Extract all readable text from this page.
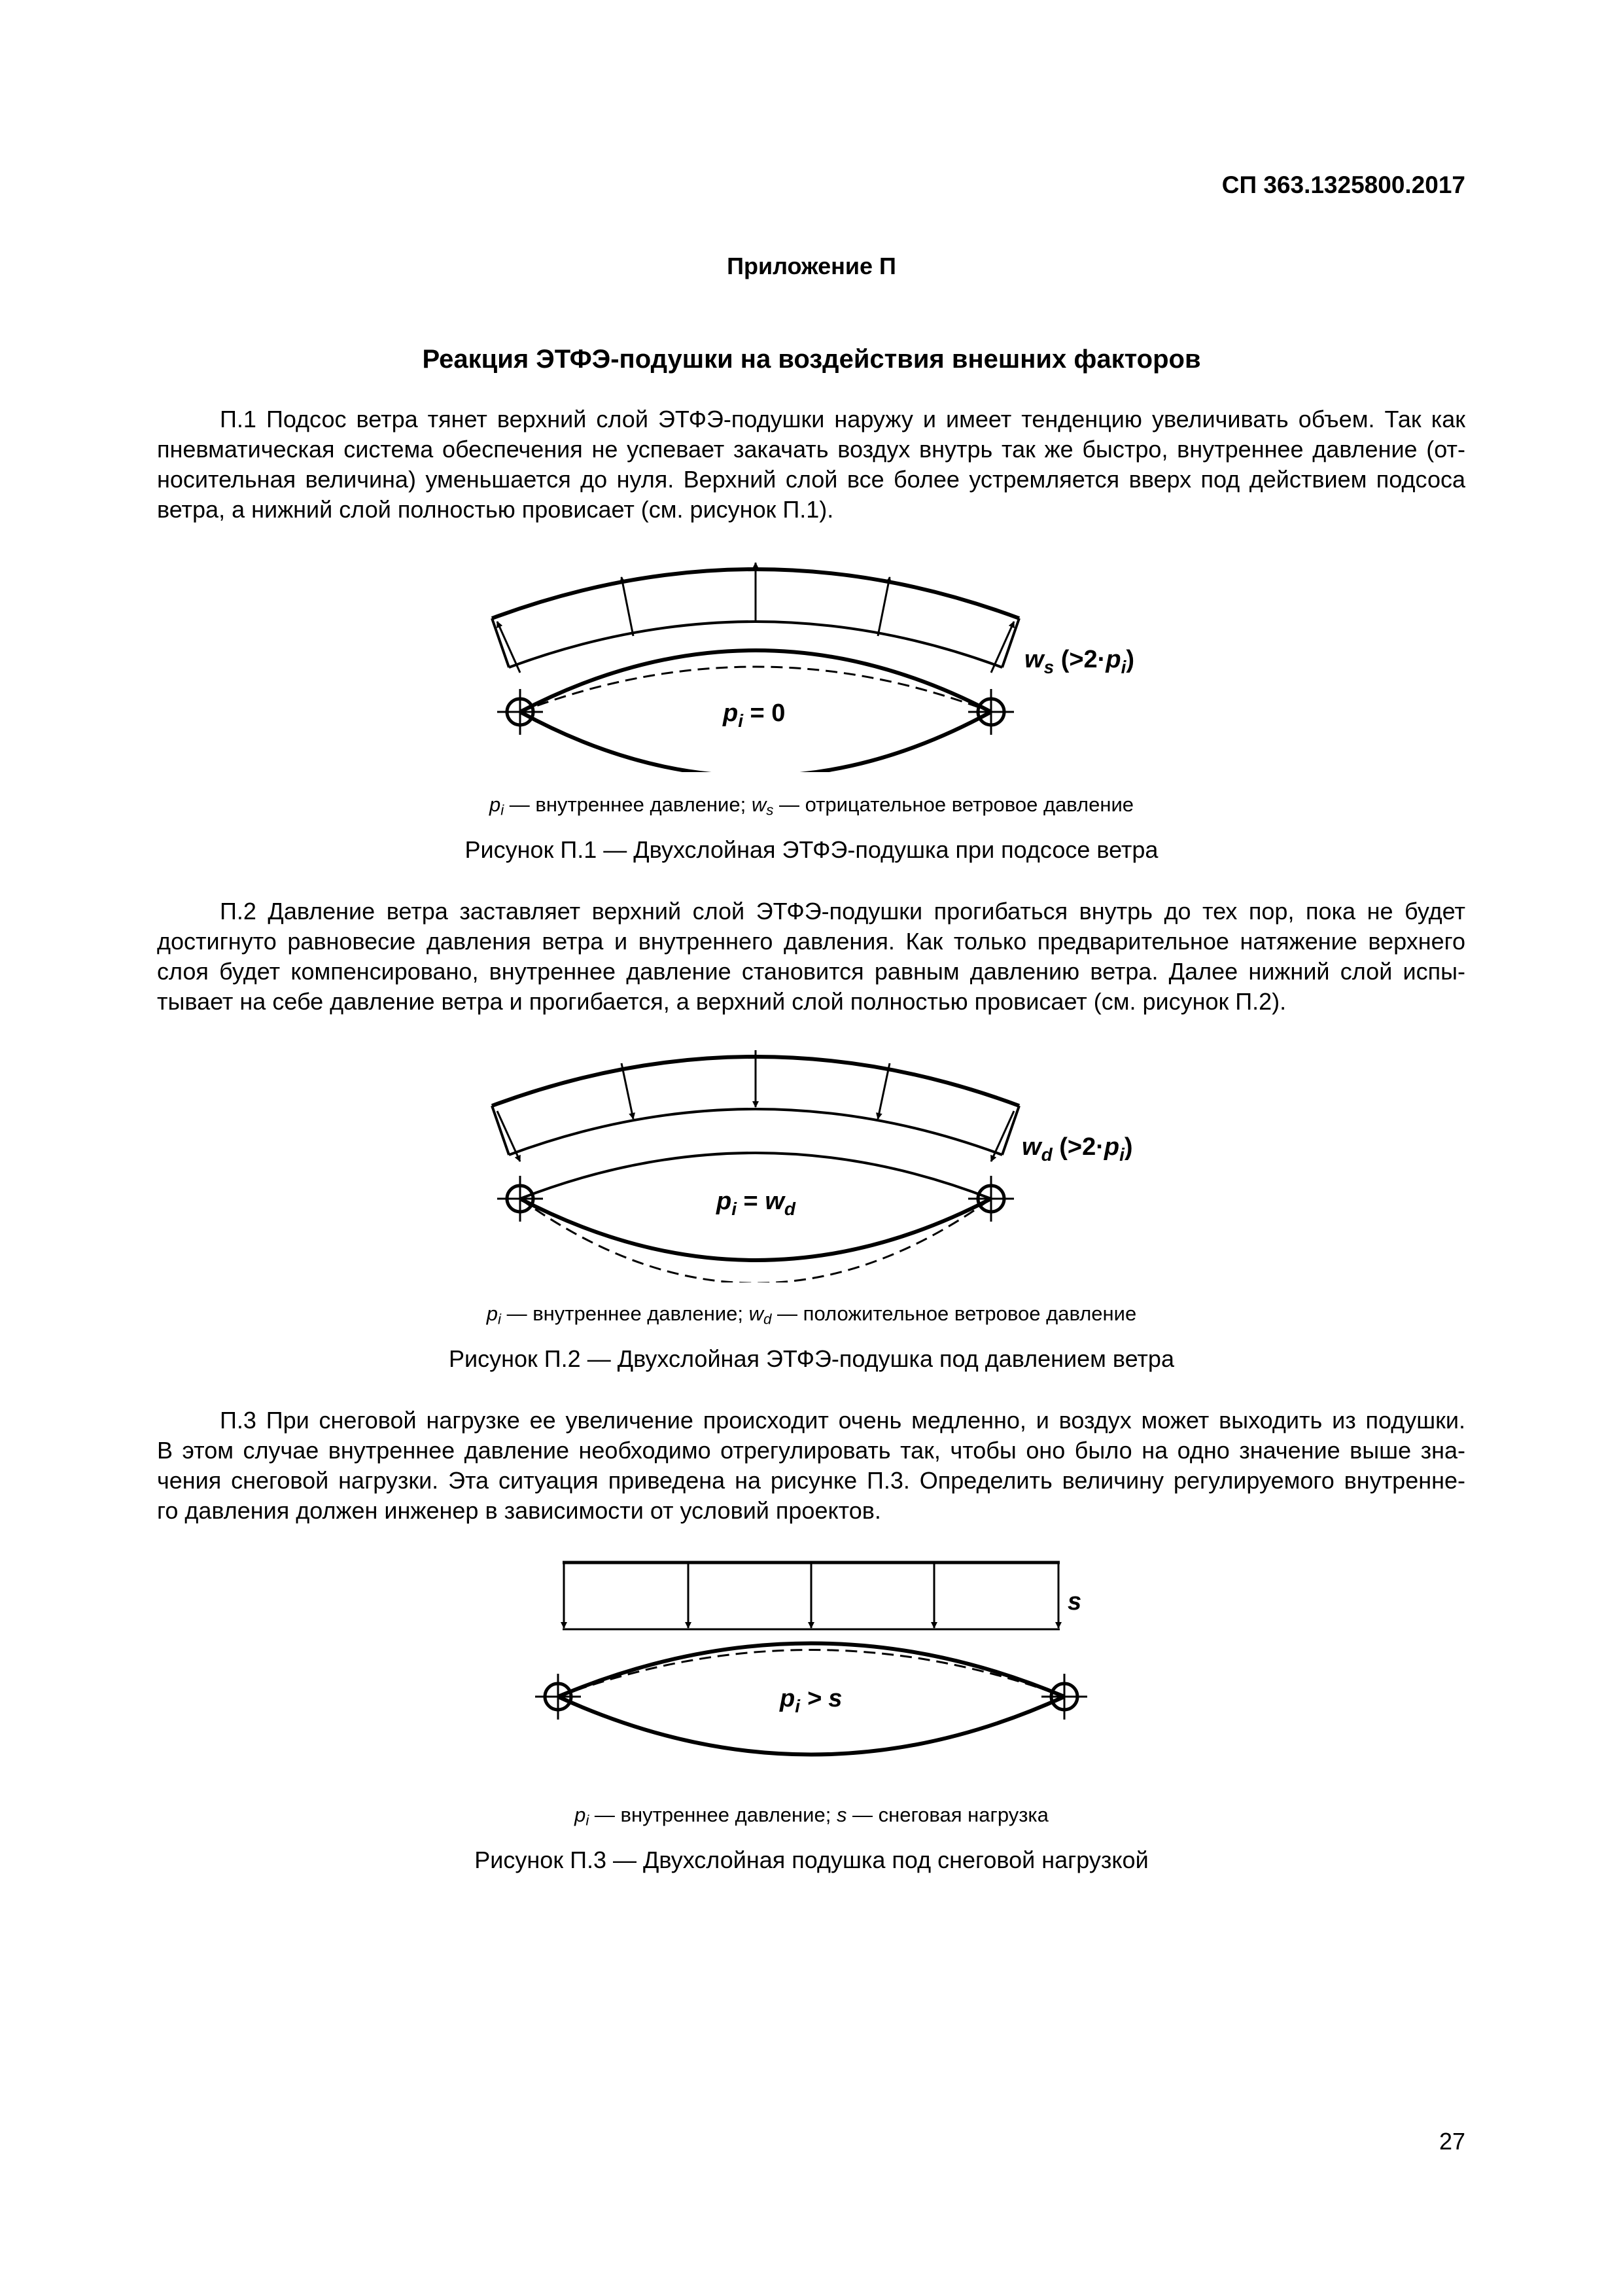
СП 363.1325800.2017
Приложение П
Реакция ЭТФЭ-подушки на воздействия внешних факторов
П.1 Подсос ветра тянет верхний слой ЭТФЭ-подушки наружу и имеет тенденцию увеличивать объем. Так как
пневматическая система обеспечения не успевает закачать воздух внутрь так же быстро, внутреннее давление (от-
носительная величина) уменьшается до нуля. Верхний слой все более устремляется вверх под действием подсоса
ветра, а нижний слой полностью провисает (см. рисунок П.1).
$w_s$ $(>2\cdot p_i)$
$p_i = 0$
$p_i$ — внутреннее давление; $w_s$ — отрицательное ветровое давление
Рисунок П.1 — Двухслойная ЭТФЭ-подушка при подсосе ветра
П.2 Давление ветра заставляет верхний слой ЭТФЭ-подушки прогибаться внутрь до тех пор, пока не будет
достигнуто равновесие давления ветра и внутреннего давления. Как только предварительное натяжение верхнего
слоя будет компенсировано, внутреннее давление становится равным давлению ветра. Далее нижний слой испы-
тывает на себе давление ветра и прогибается, а верхний слой полностью провисает (см. рисунок П.2).
$w_d$ $(>2\cdot p_i)$
$p_i = w_d$
$p_i$ — внутреннее давление; $w_d$ — положительное ветровое давление
Рисунок П.2 — Двухслойная ЭТФЭ-подушка под давлением ветра
П.3 При снеговой нагрузке ее увеличение происходит очень медленно, и воздух может выходить из подушки.
В этом случае внутреннее давление необходимо отрегулировать так, чтобы оно было на одно значение выше зна-
чения снеговой нагрузки. Эта ситуация приведена на рисунке П.3. Определить величину регулируемого внутренне-
го давления должен инженер в зависимости от условий проектов.
s
$p_i > s$
$p_i$ — внутреннее давление; s — снеговая нагрузка
Рисунок П.3 — Двухслойная подушка под снеговой нагрузкой
27
